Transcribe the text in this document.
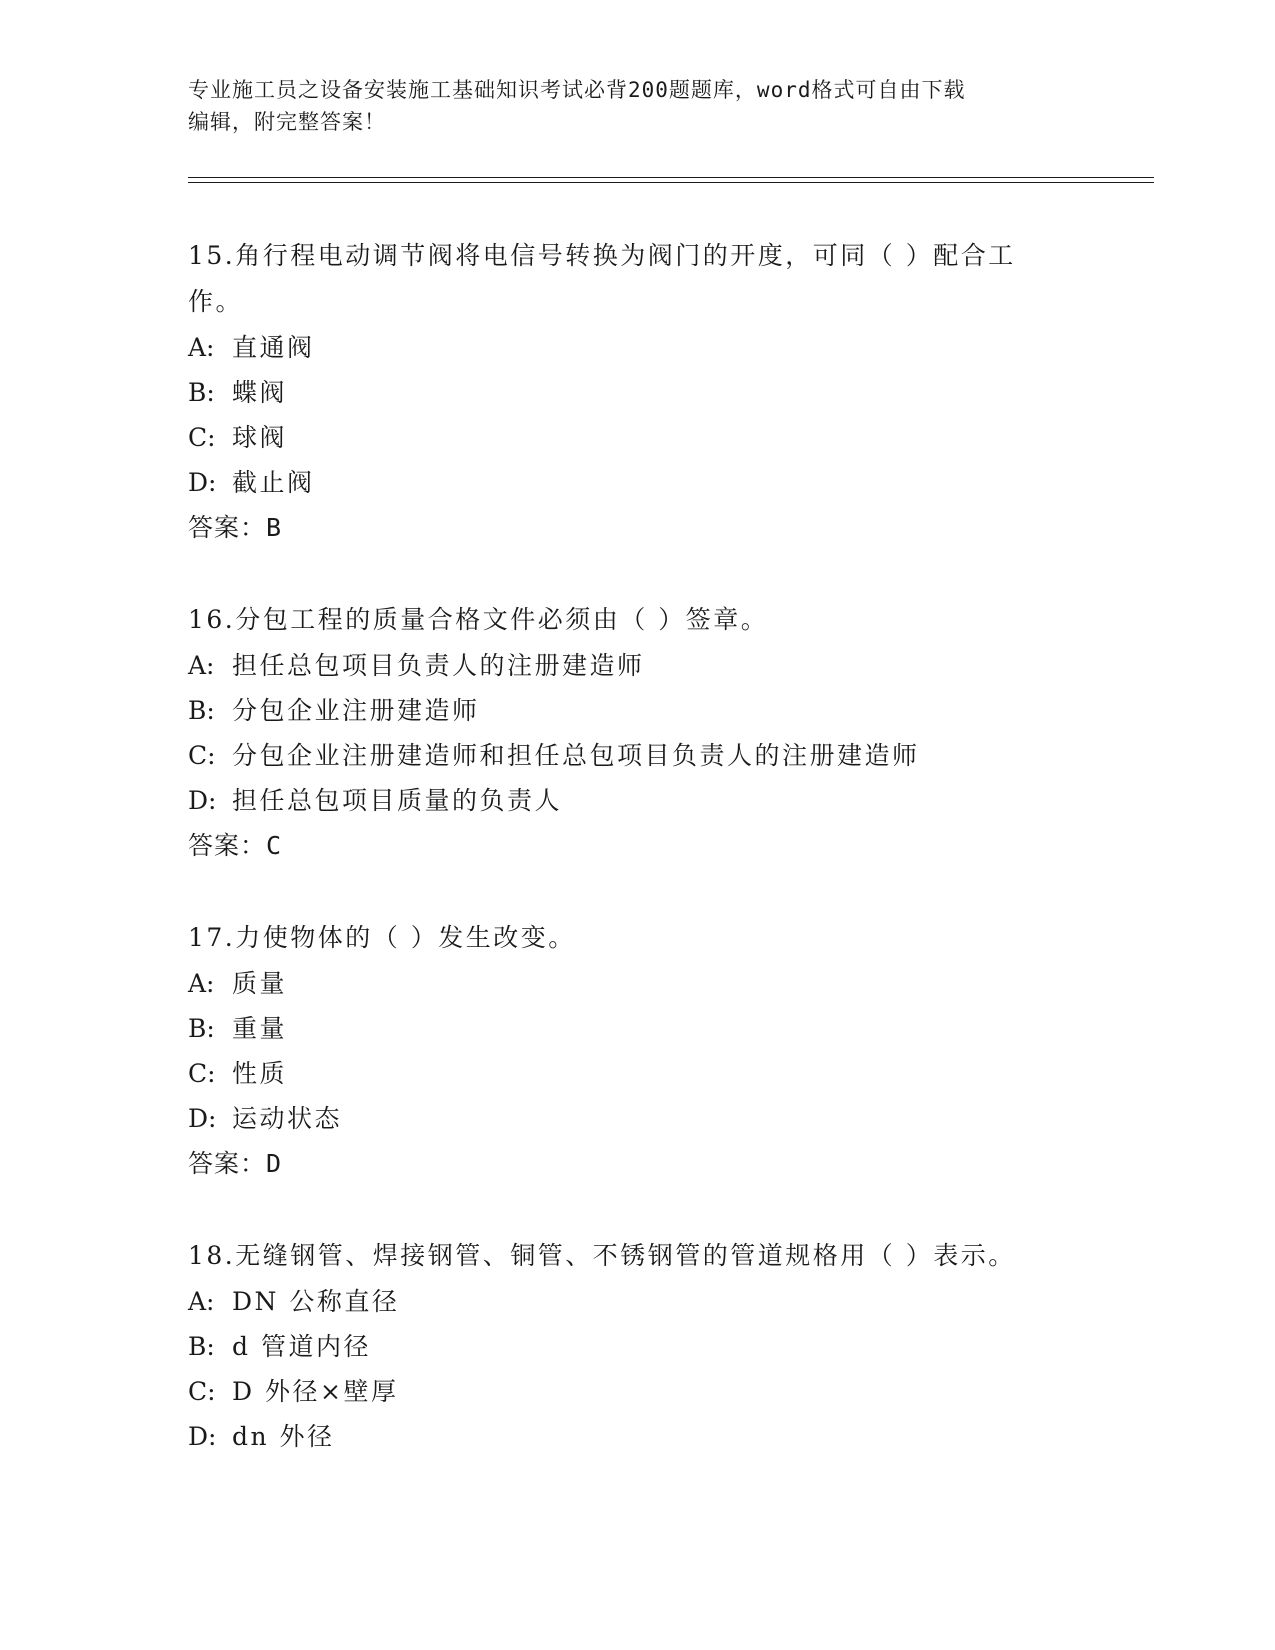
专业施工员之设备安装施工基础知识考试必背200题题库，word格式可自由下载
编辑，附完整答案！
15.角行程电动调节阀将电信号转换为阀门的开度，可同（ ）配合工
作。
A: 直通阀
B: 蝶阀
C: 球阀
D: 截止阀
答案：B
16.分包工程的质量合格文件必须由（ ）签章。
A: 担任总包项目负责人的注册建造师
B: 分包企业注册建造师
C: 分包企业注册建造师和担任总包项目负责人的注册建造师
D: 担任总包项目质量的负责人
答案：C
17.力使物体的（ ）发生改变。
A: 质量
B: 重量
C: 性质
D: 运动状态
答案：D
18.无缝钢管、焊接钢管、铜管、不锈钢管的管道规格用（ ）表示。
A: DN 公称直径
B: d 管道内径
C: D 外径×壁厚
D: dn 外径
